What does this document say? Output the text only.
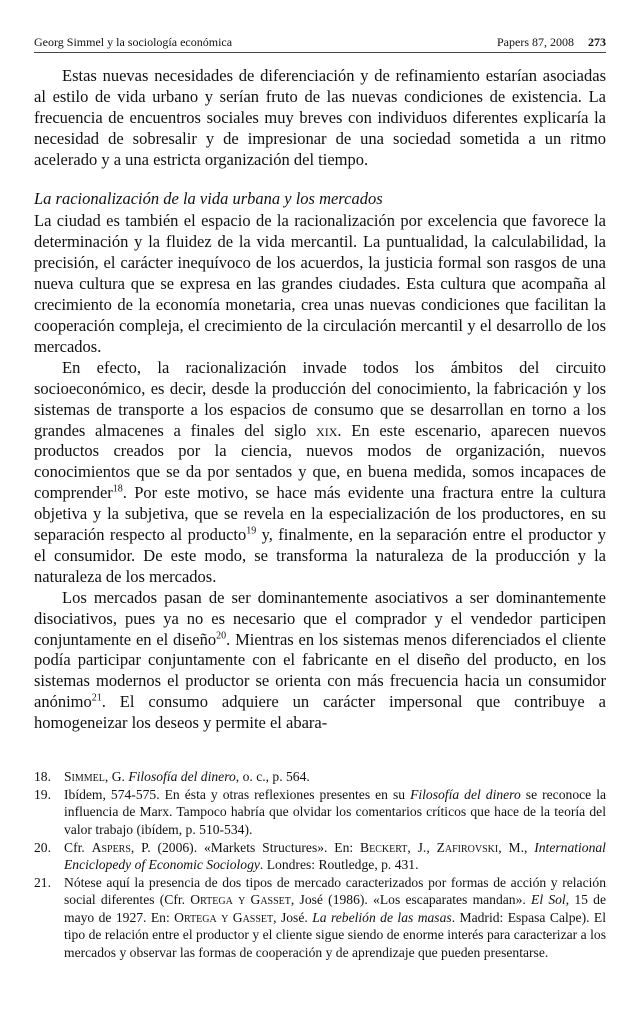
Georg Simmel y la sociología económica	Papers 87, 2008 273

Estas nuevas necesidades de diferenciación y de refinamiento estarían asociadas al estilo de vida urbano y serían fruto de las nuevas condiciones de existencia. La frecuencia de encuentros sociales muy breves con individuos diferentes explicaría la necesidad de sobresalir y de impresionar de una sociedad sometida a un ritmo acelerado y a una estricta organización del tiempo.

La racionalización de la vida urbana y los mercados

La ciudad es también el espacio de la racionalización por excelencia que favorece la determinación y la fluidez de la vida mercantil. La puntualidad, la calculabilidad, la precisión, el carácter inequívoco de los acuerdos, la justicia formal son rasgos de una nueva cultura que se expresa en las grandes ciudades. Esta cultura que acompaña al crecimiento de la economía monetaria, crea unas nuevas condiciones que facilitan la cooperación compleja, el crecimiento de la circulación mercantil y el desarrollo de los mercados.

En efecto, la racionalización invade todos los ámbitos del circuito socioeconómico, es decir, desde la producción del conocimiento, la fabricación y los sistemas de transporte a los espacios de consumo que se desarrollan en torno a los grandes almacenes a finales del siglo xix. En este escenario, aparecen nuevos productos creados por la ciencia, nuevos modos de organización, nuevos conocimientos que se da por sentados y que, en buena medida, somos incapaces de comprender$^{18}$. Por este motivo, se hace más evidente una fractura entre la cultura objetiva y la subjetiva, que se revela en la especialización de los productores, en su separación respecto al producto$^{19}$ y, finalmente, en la separación entre el productor y el consumidor. De este modo, se transforma la naturaleza de la producción y la naturaleza de los mercados.

Los mercados pasan de ser dominantemente asociativos a ser dominantemente disociativos, pues ya no es necesario que el comprador y el vendedor participen conjuntamente en el diseño$^{20}$. Mientras en los sistemas menos diferenciados el cliente podía participar conjuntamente con el fabricante en el diseño del producto, en los sistemas modernos el productor se orienta con más frecuencia hacia un consumidor anónimo$^{21}$. El consumo adquiere un carácter impersonal que contribuye a homogeneizar los deseos y permite el abara-

18. Simmel, G. Filosofía del dinero, o. c., p. 564.
19. Ibídem, 574-575. En ésta y otras reflexiones presentes en su Filosofía del dinero se reconoce la influencia de Marx. Tampoco habría que olvidar los comentarios críticos que hace de la teoría del valor trabajo (ibídem, p. 510-534).
20. Cfr. Aspers, P. (2006). «Markets Structures». En: Beckert, J., Zafirovski, M., International Enciclopedy of Economic Sociology. Londres: Routledge, p. 431.
21. Nótese aquí la presencia de dos tipos de mercado caracterizados por formas de acción y relación social diferentes (Cfr. Ortega y Gasset, José (1986). «Los escaparates mandan». El Sol, 15 de mayo de 1927. En: Ortega y Gasset, José. La rebelión de las masas. Madrid: Espasa Calpe). El tipo de relación entre el productor y el cliente sigue siendo de enorme interés para caracterizar a los mercados y observar las formas de cooperación y de aprendizaje que pueden presentarse.
